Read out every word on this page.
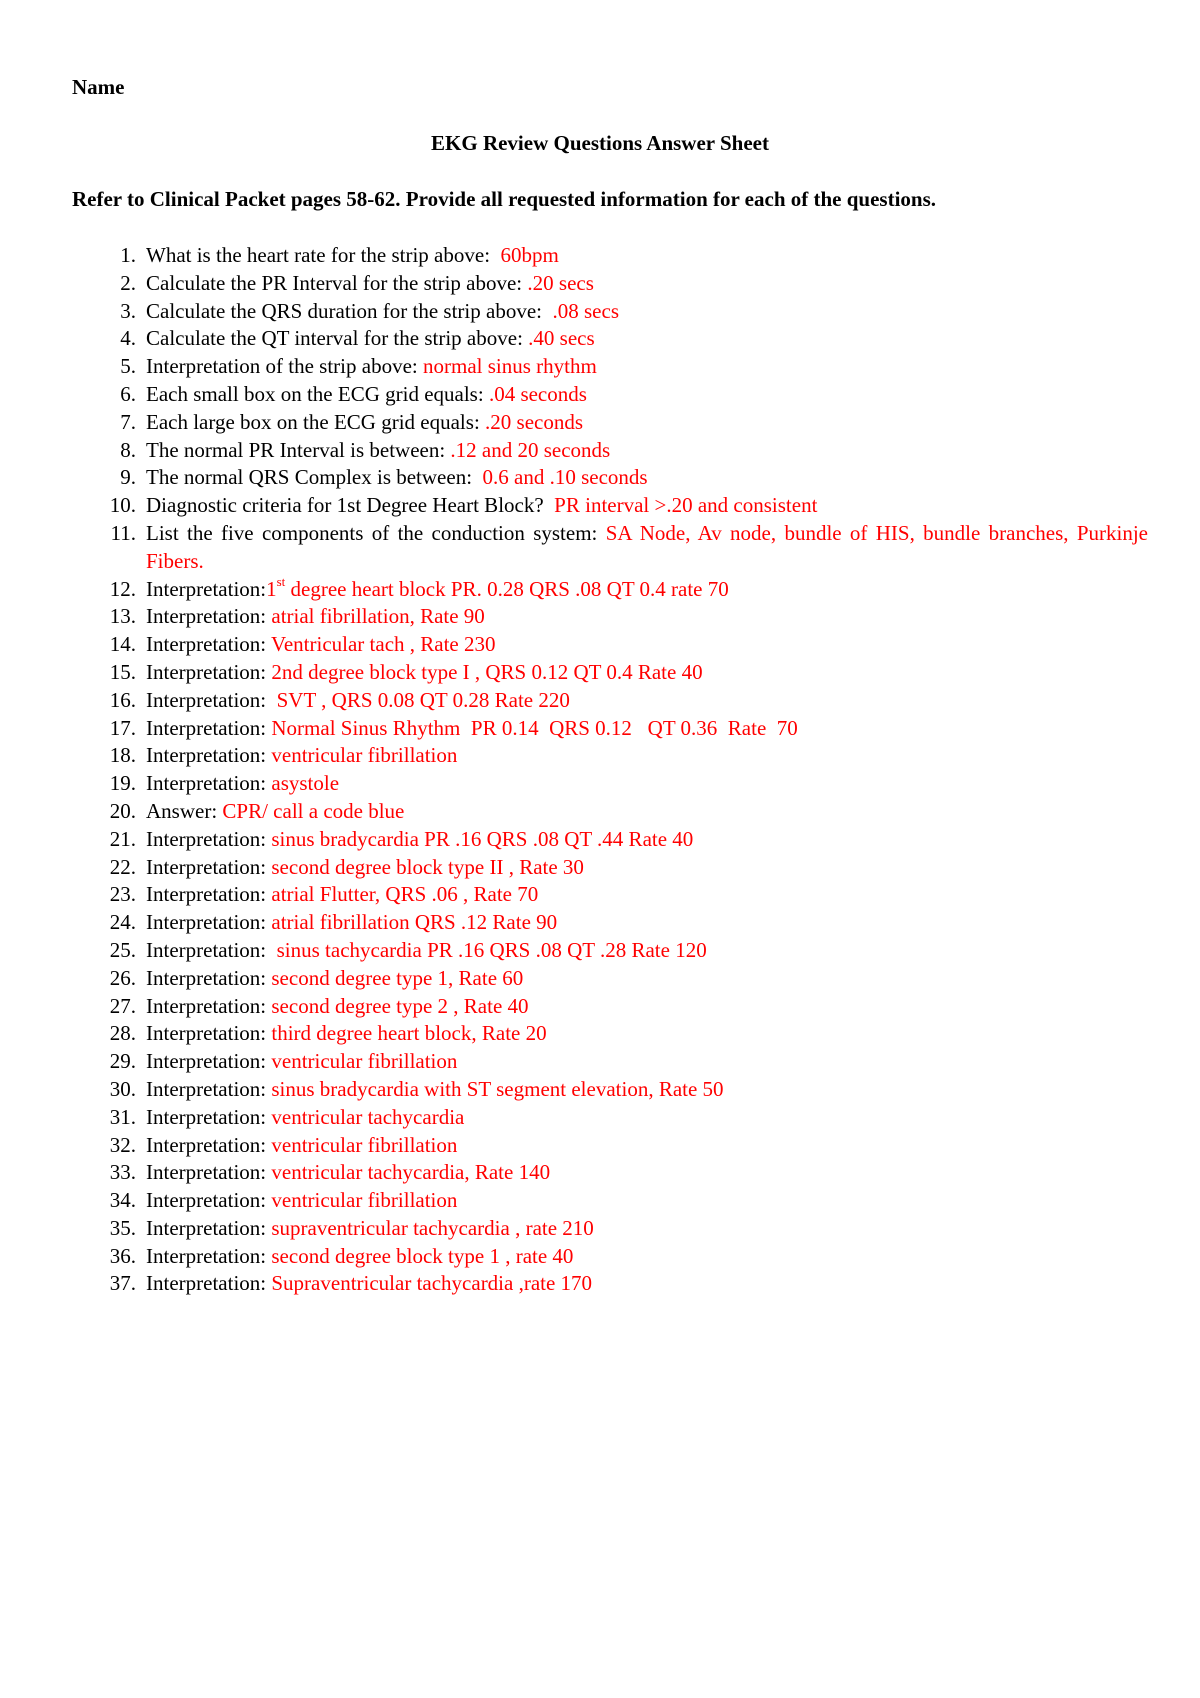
Name
EKG Review Questions Answer Sheet
Refer to Clinical Packet pages 58-62. Provide all requested information for each of the questions.
1. What is the heart rate for the strip above:  60bpm
2. Calculate the PR Interval for the strip above: .20 secs
3. Calculate the QRS duration for the strip above:  .08 secs
4. Calculate the QT interval for the strip above: .40 secs
5. Interpretation of the strip above: normal sinus rhythm
6. Each small box on the ECG grid equals: .04 seconds
7. Each large box on the ECG grid equals: .20 seconds
8. The normal PR Interval is between: .12 and 20 seconds
9. The normal QRS Complex is between:  0.6 and .10 seconds
10. Diagnostic criteria for 1st Degree Heart Block?  PR interval >.20 and consistent
11. List the five components of the conduction system: SA Node, Av node, bundle of HIS, bundle branches, Purkinje Fibers.
12. Interpretation:1st degree heart block PR. 0.28 QRS .08 QT 0.4 rate 70
13. Interpretation: atrial fibrillation, Rate 90
14. Interpretation: Ventricular tach , Rate 230
15. Interpretation: 2nd degree block type I , QRS 0.12 QT 0.4 Rate 40
16. Interpretation:  SVT , QRS 0.08 QT 0.28 Rate 220
17. Interpretation: Normal Sinus Rhythm  PR 0.14  QRS 0.12   QT 0.36  Rate  70
18. Interpretation: ventricular fibrillation
19. Interpretation: asystole
20. Answer: CPR/ call a code blue
21. Interpretation: sinus bradycardia PR .16 QRS .08 QT .44 Rate 40
22. Interpretation: second degree block type II , Rate 30
23. Interpretation: atrial Flutter, QRS .06 , Rate 70
24. Interpretation: atrial fibrillation QRS .12 Rate 90
25. Interpretation:  sinus tachycardia PR .16 QRS .08 QT .28 Rate 120
26. Interpretation: second degree type 1, Rate 60
27. Interpretation: second degree type 2 , Rate 40
28. Interpretation: third degree heart block, Rate 20
29. Interpretation: ventricular fibrillation
30. Interpretation: sinus bradycardia with ST segment elevation, Rate 50
31. Interpretation: ventricular tachycardia
32. Interpretation: ventricular fibrillation
33. Interpretation: ventricular tachycardia, Rate 140
34. Interpretation: ventricular fibrillation
35. Interpretation: supraventricular tachycardia , rate 210
36. Interpretation: second degree block type 1 , rate 40
37. Interpretation: Supraventricular tachycardia ,rate 170
